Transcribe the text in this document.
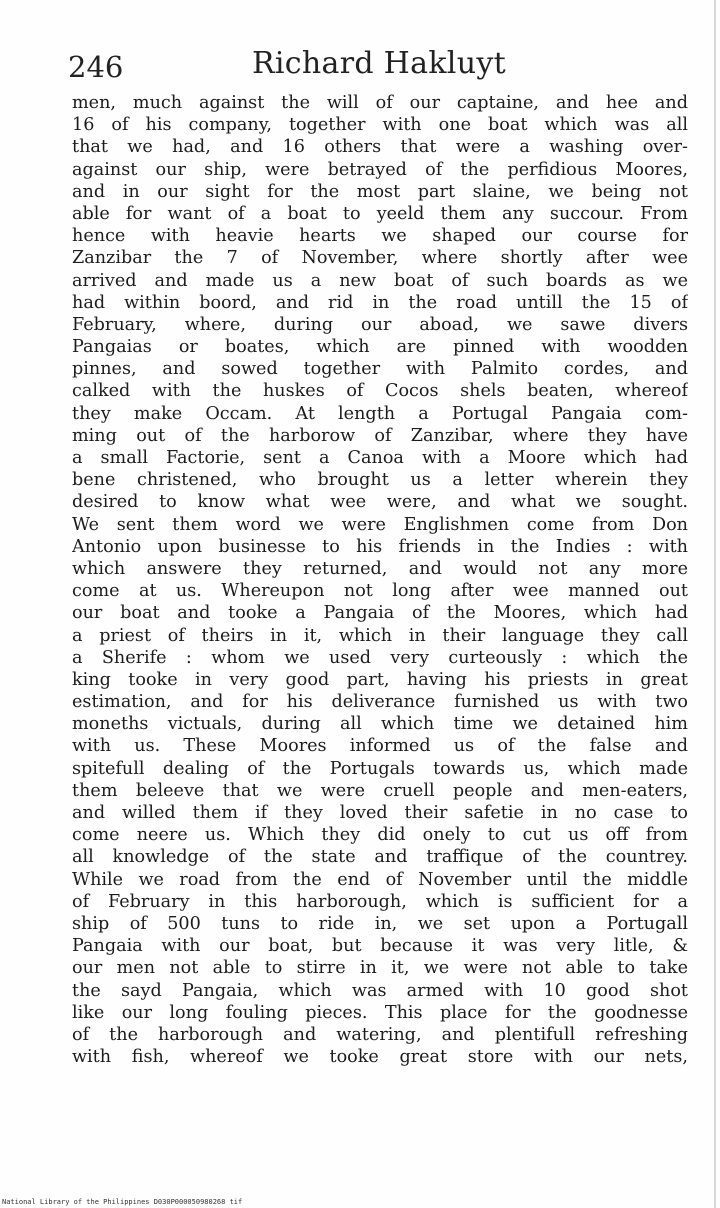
246	Richard Hakluyt
men, much against the will of our captaine, and hee and
16 of his company, together with one boat which was all
that we had, and 16 others that were a washing over-
against our ship, were betrayed of the perfidious Moores,
and in our sight for the most part slaine, we being not
able for want of a boat to yeeld them any succour. From
hence with heavie hearts we shaped our course for
Zanzibar the 7 of November, where shortly after wee
arrived and made us a new boat of such boards as we
had within boord, and rid in the road untill the 15 of
February, where, during our aboad, we sawe divers
Pangaias or boates, which are pinned with woodden
pinnes, and sowed together with Palmito cordes, and
calked with the huskes of Cocos shels beaten, whereof
they make Occam. At length a Portugal Pangaia com-
ming out of the harborow of Zanzibar, where they have
a small Factorie, sent a Canoa with a Moore which had
bene christened, who brought us a letter wherein they
desired to know what wee were, and what we sought.
We sent them word we were Englishmen come from Don
Antonio upon businesse to his friends in the Indies : with
which answere they returned, and would not any more
come at us. Whereupon not long after wee manned out
our boat and tooke a Pangaia of the Moores, which had
a priest of theirs in it, which in their language they call
a Sherife : whom we used very curteously : which the
king tooke in very good part, having his priests in great
estimation, and for his deliverance furnished us with two
moneths victuals, during all which time we detained him
with us. These Moores informed us of the false and
spitefull dealing of the Portugals towards us, which made
them beleeve that we were cruell people and men-eaters,
and willed them if they loved their safetie in no case to
come neere us. Which they did onely to cut us off from
all knowledge of the state and traffique of the countrey.
While we road from the end of November until the middle
of February in this harborough, which is sufficient for a
ship of 500 tuns to ride in, we set upon a Portugall
Pangaia with our boat, but because it was very litle, &
our men not able to stirre in it, we were not able to take
the sayd Pangaia, which was armed with 10 good shot
like our long fouling pieces. This place for the goodnesse
of the harborough and watering, and plentifull refreshing
with fish, whereof we tooke great store with our nets,
National Library of the Philippines D030P000050980268 tif
